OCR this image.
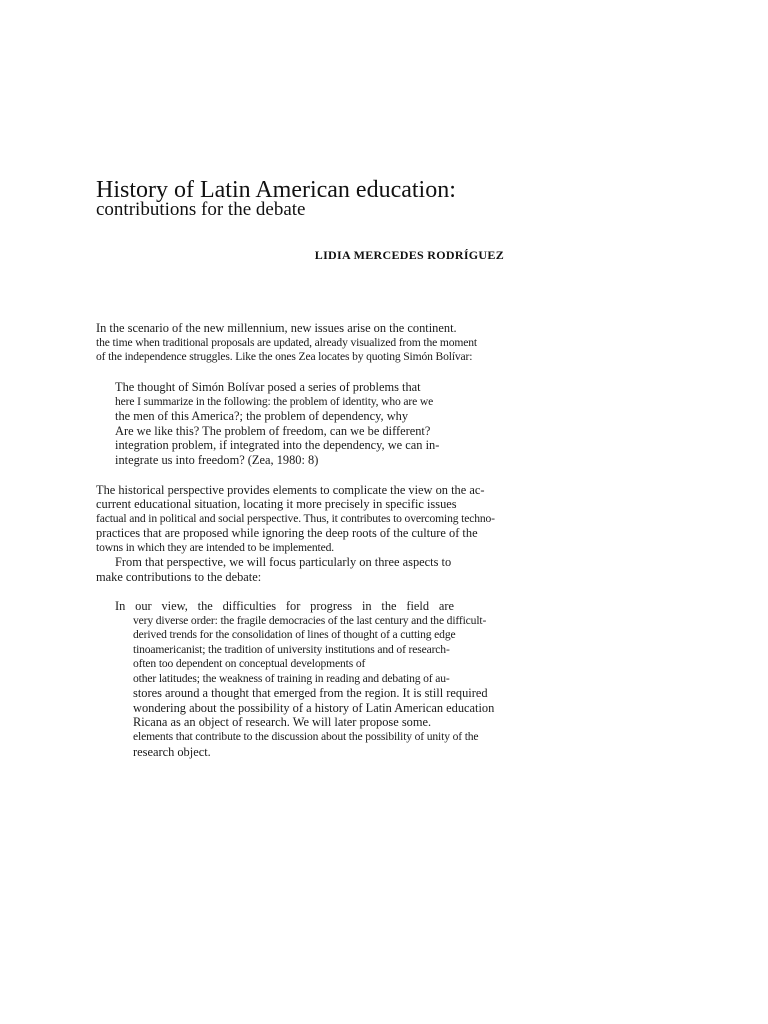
History of Latin American education:
contributions for the debate
LIDIA MERCEDES RODRÍGUEZ
In the scenario of the new millennium, new issues arise on the continent.
the time when traditional proposals are updated, already visualized from the moment
of the independence struggles. Like the ones Zea locates by quoting Simón Bolívar:
The thought of Simón Bolívar posed a series of problems that
here I summarize in the following: the problem of identity, who are we
the men of this America?; the problem of dependency, why
Are we like this? The problem of freedom, can we be different?
integration problem, if integrated into the dependency, we can in-
integrate us into freedom? (Zea, 1980: 8)
The historical perspective provides elements to complicate the view on the ac-
current educational situation, locating it more precisely in specific issues
factual and in political and social perspective. Thus, it contributes to overcoming techno-
practices that are proposed while ignoring the deep roots of the culture of the
towns in which they are intended to be implemented.
From that perspective, we will focus particularly on three aspects to
make contributions to the debate:
In our view, the difficulties for progress in the field are
very diverse order: the fragile democracies of the last century and the difficult-
derived trends for the consolidation of lines of thought of a cutting edge
tinoamericanist; the tradition of university institutions and of research-
often too dependent on conceptual developments of
other latitudes; the weakness of training in reading and debating of au-
stores around a thought that emerged from the region. It is still required
wondering about the possibility of a history of Latin American education
Ricana as an object of research. We will later propose some.
elements that contribute to the discussion about the possibility of unity of the
research object.
